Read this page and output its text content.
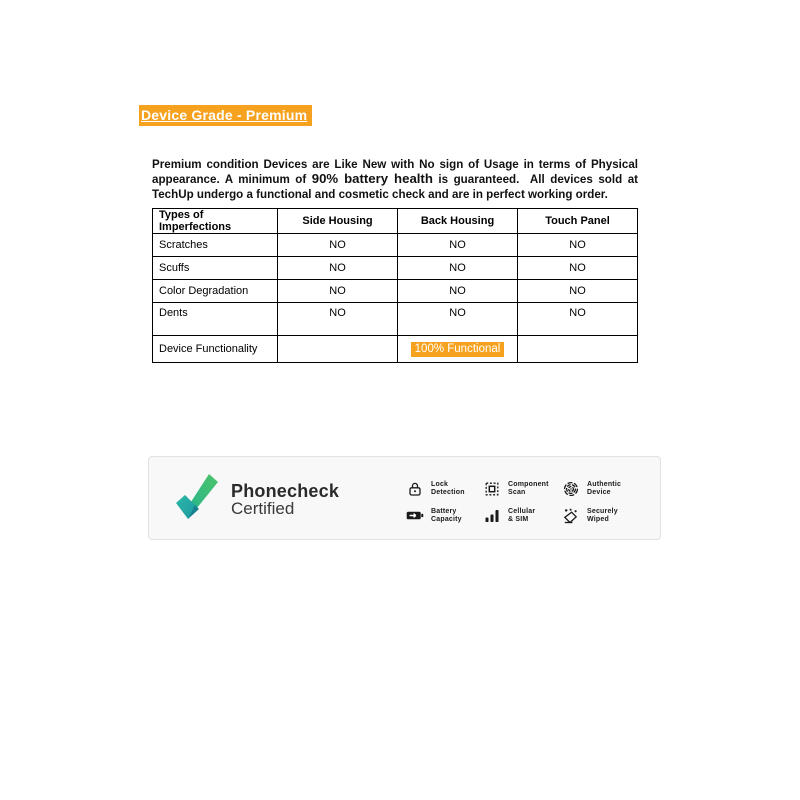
Device Grade - Premium

Premium condition Devices are Like New with No sign of Usage in terms of Physical appearance. A minimum of 90% battery health is guaranteed.  All devices sold at TechUp undergo a functional and cosmetic check and are in perfect working order.

Types of Imperfections	Side Housing	Back Housing	Touch Panel
Scratches	NO	NO	NO
Scuffs	NO	NO	NO
Color Degradation	NO	NO	NO
Dents	NO	NO	NO
Device Functionality		100% Functional	
Phonecheck
Certified
Lock
Detection
Component
Scan
Authentic
Device
Battery
Capacity
Cellular
& SIM
Securely
Wiped
